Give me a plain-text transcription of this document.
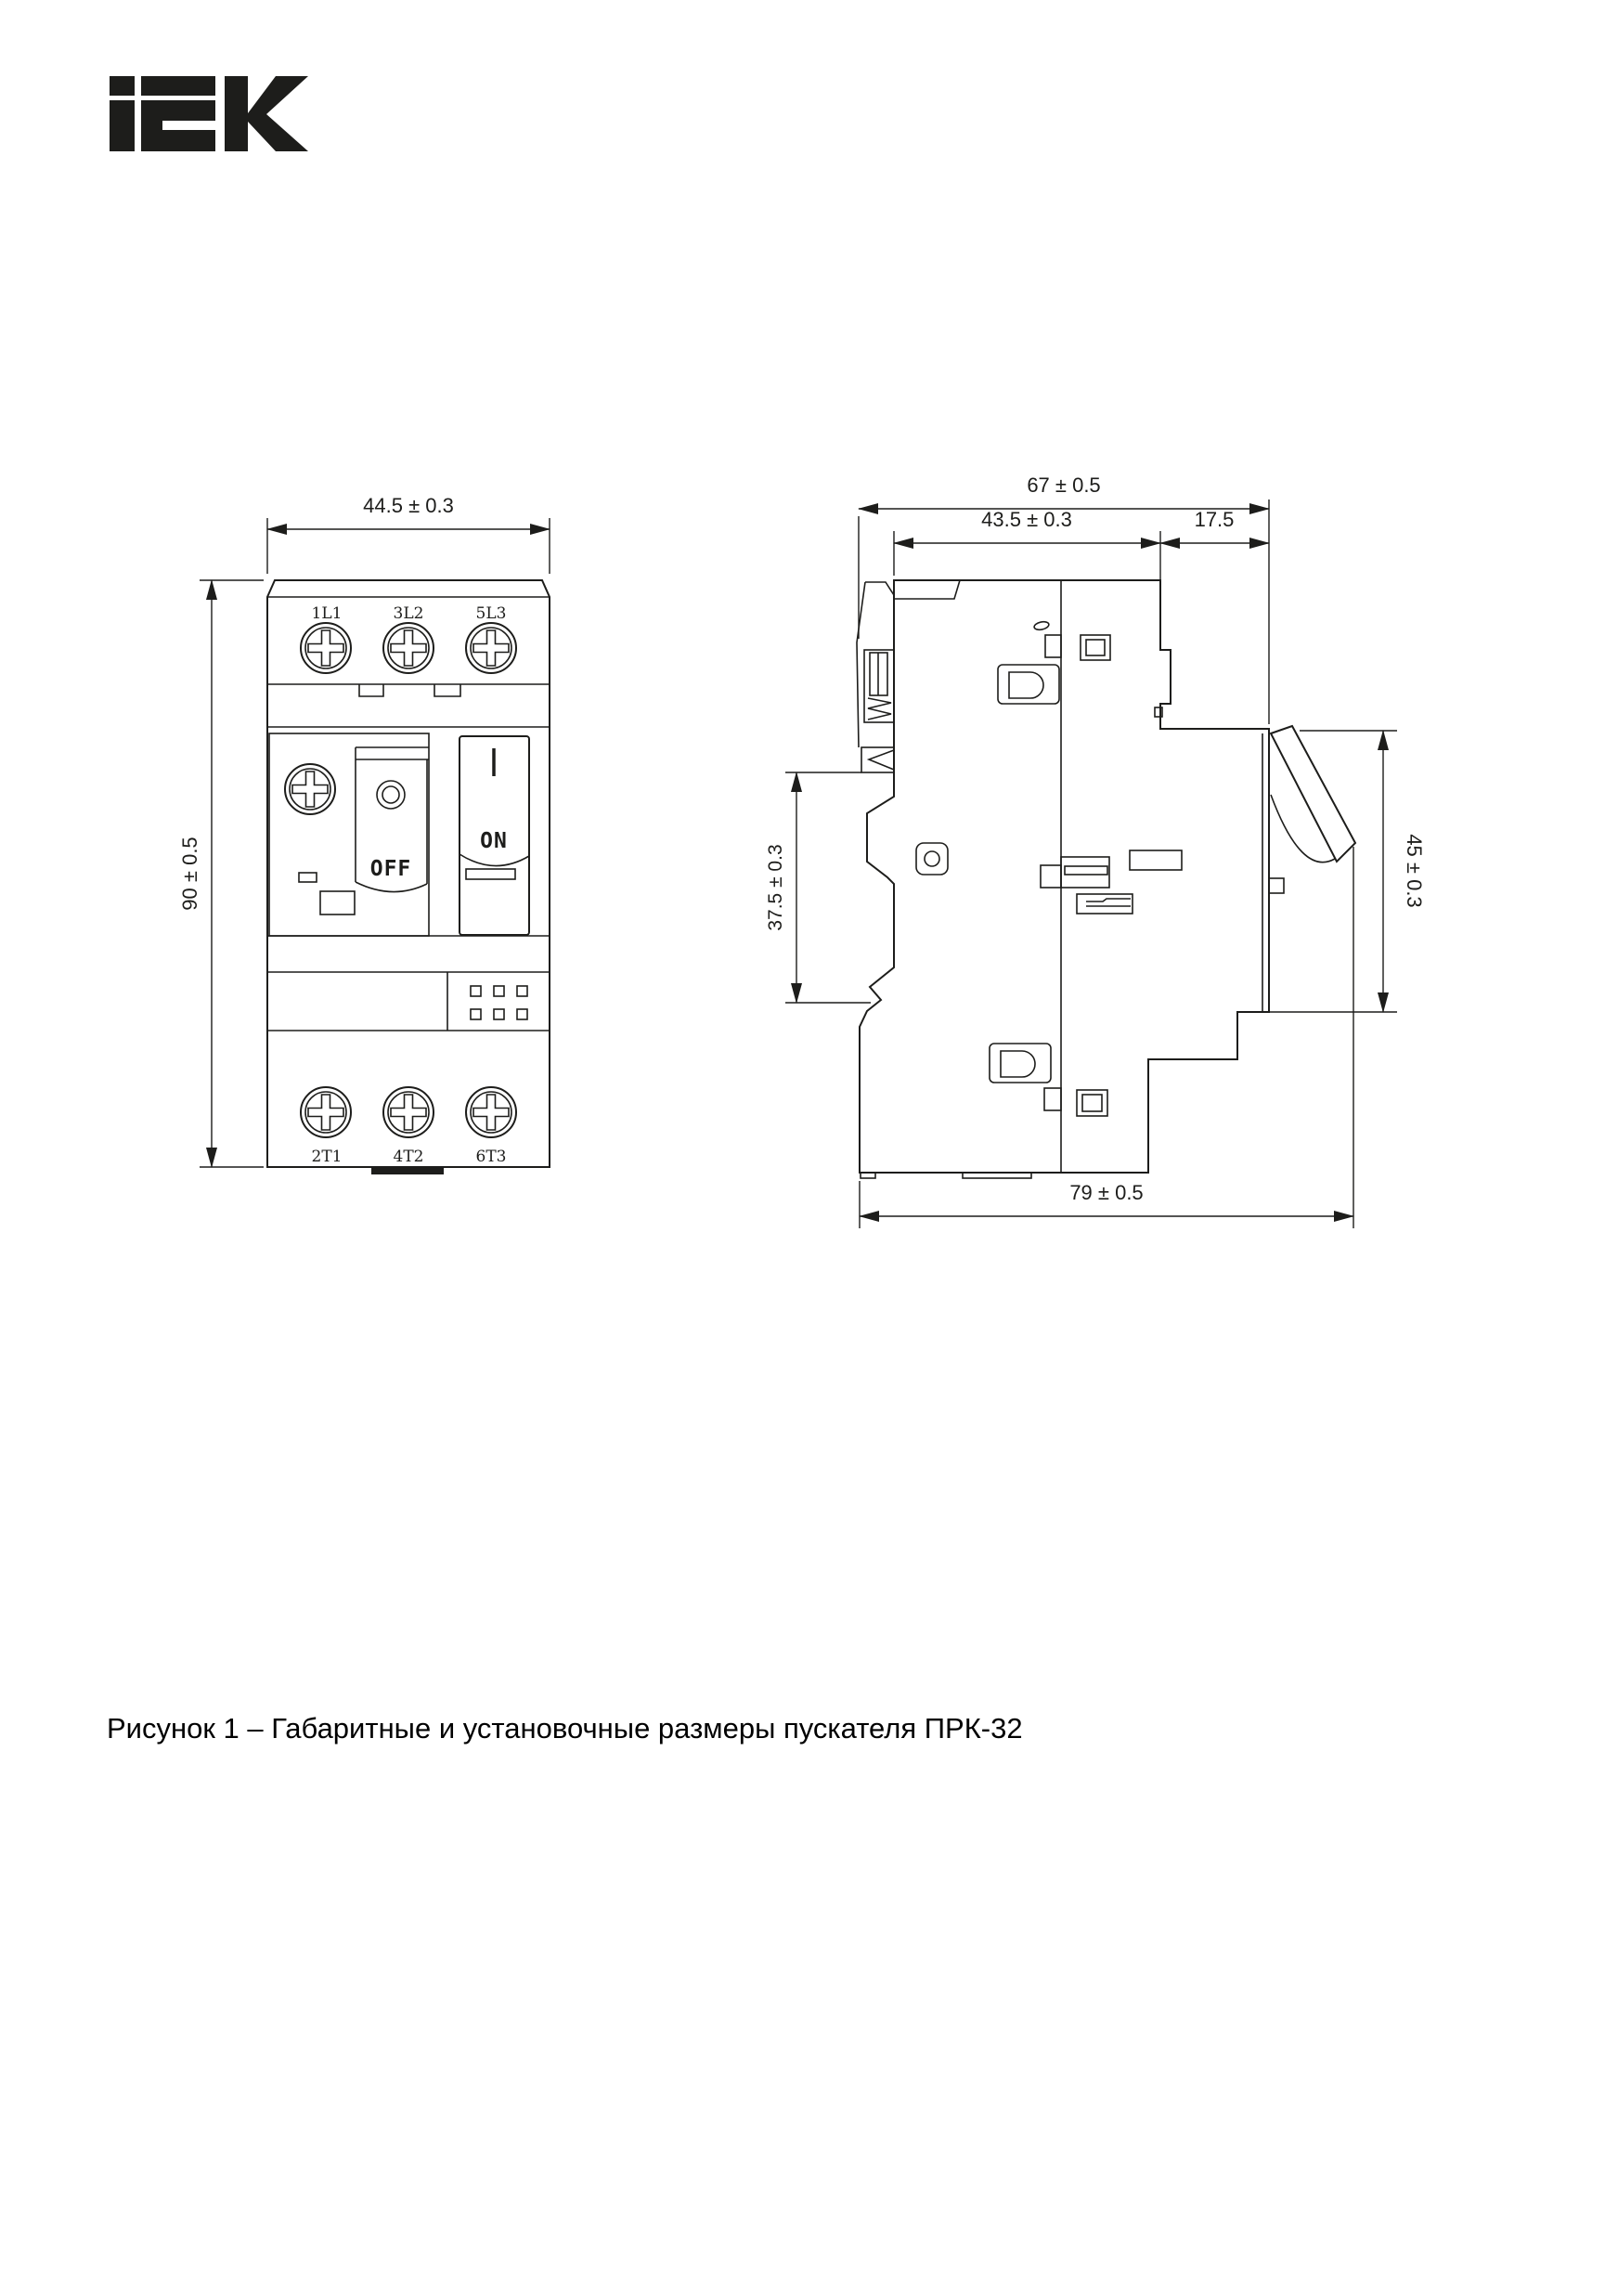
1L1	3L2	5L3
OFF
ON
2T1	4T2	6T3
44.5 ± 0.3
90 ± 0.5
67 ± 0.5
43.5 ± 0.3	17.5
37.5 ± 0.3	45 ± 0.3
79 ± 0.5
Рисунок 1 – Габаритные и установочные размеры пускателя ПРК-32
